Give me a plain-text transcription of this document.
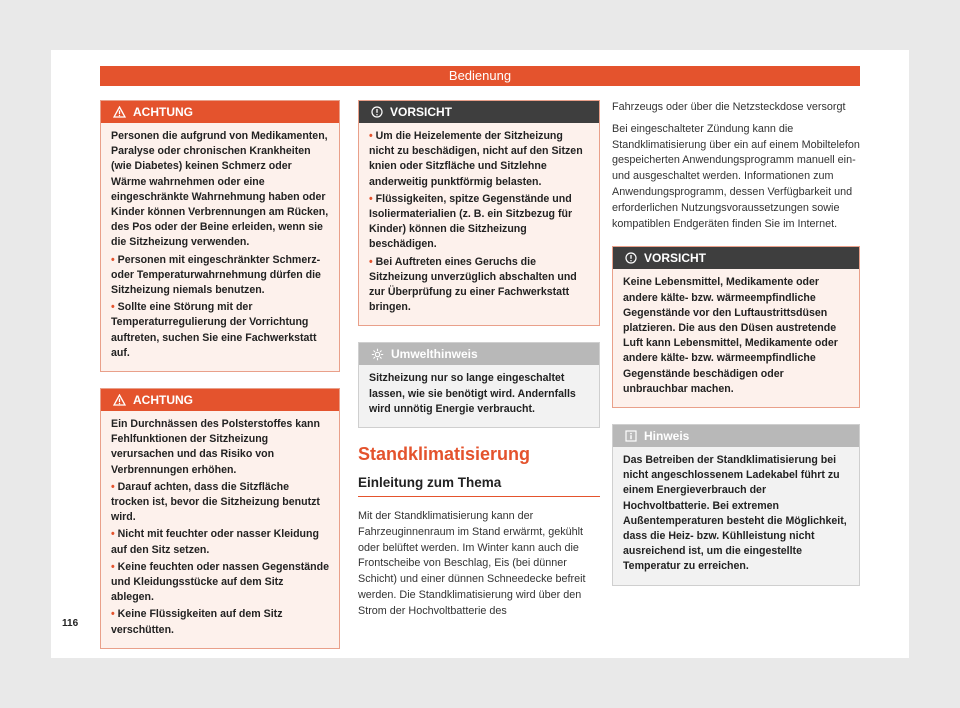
Bedienung
ACHTUNG

Personen die aufgrund von Medikamenten, Paralyse oder chronischen Krankheiten (wie Diabetes) keinen Schmerz oder Wärme wahrnehmen oder eine eingeschränkte Wahrnehmung haben oder Kinder können Verbrennungen am Rücken, des Pos oder der Beine erleiden, wenn sie die Sitzheizung verwenden.

• Personen mit eingeschränkter Schmerz- oder Temperaturwahrnehmung dürfen die Sitzheizung niemals benutzen.

• Sollte eine Störung mit der Temperaturregulierung der Vorrichtung auftreten, suchen Sie eine Fachwerkstatt auf.

ACHTUNG

Ein Durchnässen des Polsterstoffes kann Fehlfunktionen der Sitzheizung verursachen und das Risiko von Verbrennungen erhöhen.

• Darauf achten, dass die Sitzfläche trocken ist, bevor die Sitzheizung benutzt wird.

• Nicht mit feuchter oder nasser Kleidung auf den Sitz setzen.

• Keine feuchten oder nassen Gegenstände und Kleidungsstücke auf dem Sitz ablegen.

• Keine Flüssigkeiten auf dem Sitz verschütten.

VORSICHT

• Um die Heizelemente der Sitzheizung nicht zu beschädigen, nicht auf den Sitzen knien oder Sitzfläche und Sitzlehne anderweitig punktförmig belasten.

• Flüssigkeiten, spitze Gegenstände und Isoliermaterialien (z. B. ein Sitzbezug für Kinder) können die Sitzheizung beschädigen.

• Bei Auftreten eines Geruchs die Sitzheizung unverzüglich abschalten und zur Überprüfung zu einer Fachwerkstatt bringen.

Umwelthinweis

Sitzheizung nur so lange eingeschaltet lassen, wie sie benötigt wird. Andernfalls wird unnötig Energie verbraucht.

Standklimatisierung
Einleitung zum Thema

Mit der Standklimatisierung kann der Fahrzeuginnenraum im Stand erwärmt, gekühlt oder belüftet werden. Im Winter kann auch die Frontscheibe von Beschlag, Eis (bei dünner Schicht) und einer dünnen Schneedecke befreit werden. Die Standklimatisierung wird über den Strom der Hochvoltbatterie des

Fahrzeugs oder über die Netzsteckdose versorgt

Bei eingeschalteter Zündung kann die Standklimatisierung über ein auf einem Mobiltelefon gespeicherten Anwendungsprogramm manuell ein- und ausgeschaltet werden. Informationen zum Anwendungsprogramm, dessen Verfügbarkeit und erforderlichen Nutzungsvoraussetzungen sowie kompatiblen Endgeräten finden Sie im Internet.

VORSICHT

Keine Lebensmittel, Medikamente oder andere kälte- bzw. wärmeempfindliche Gegenstände vor den Luftaustrittsdüsen platzieren. Die aus den Düsen austretende Luft kann Lebensmittel, Medikamente oder andere kälte- bzw. wärmeempfindliche Gegenstände beschädigen oder unbrauchbar machen.

Hinweis

Das Betreiben der Standklimatisierung bei nicht angeschlossenem Ladekabel führt zu einem Energieverbrauch der Hochvoltbatterie. Bei extremen Außentemperaturen besteht die Möglichkeit, dass die Heiz- bzw. Kühlleistung nicht ausreichend ist, um die eingestellte Temperatur zu erreichen.

116
